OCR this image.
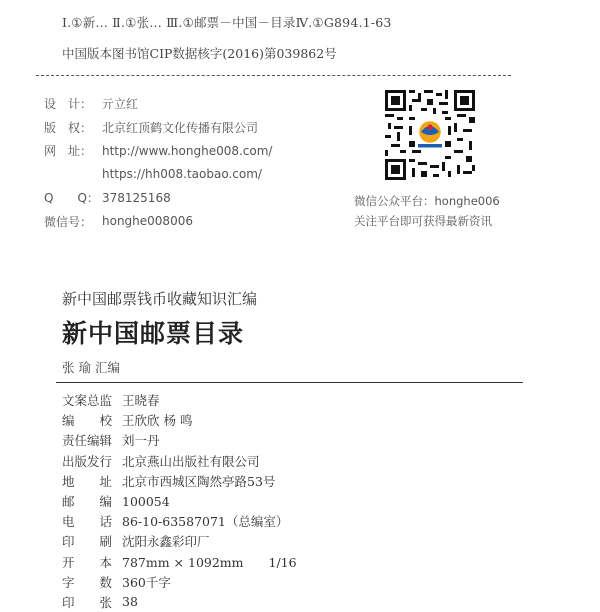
Ⅰ.①新… Ⅱ.①张… Ⅲ.①邮票－中国－目录Ⅳ.①G894.1-63
中国版本图书馆CIP数据核字(2016)第039862号
设　计： 亓立红
版　权： 北京红顶鹤文化传播有限公司
网　址： http://www.honghe008.com/
https://hh008.taobao.com/
Q　　Q： 378125168
微信号： honghe008006
微信公众平台：honghe006
关注平台即可获得最新资讯
新中国邮票钱币收藏知识汇编
新中国邮票目录
张 瑜 汇编
文案总监 王晓春
编　　校 王欣欣 杨 鸣
责任编辑 刘一丹
出版发行 北京燕山出版社有限公司
地　　址 北京市西城区陶然亭路53号
邮　　编 100054
电　　话 86-10-63587071（总编室）
印　　刷 沈阳永鑫彩印厂
开　　本 787mm × 1092mm　　1/16
字　　数 360千字
印　　张 38
